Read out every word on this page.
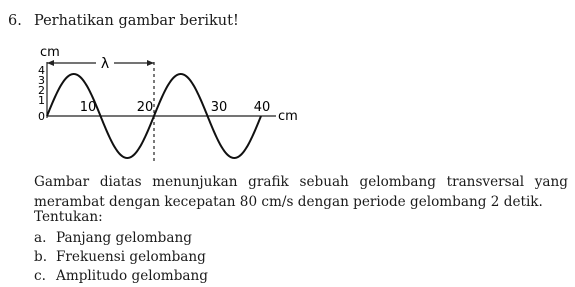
6. Perhatikan gambar berikut!
λ
cm
cm
4
3
2
1
0
10	20	30 40
Gambar diatas menunjukan grafik sebuah gelombang transversal yang merambat dengan kecepatan 80 cm/s dengan periode gelombang 2 detik.
Tentukan:
a. Panjang gelombang
b. Frekuensi gelombang
c. Amplitudo gelombang
